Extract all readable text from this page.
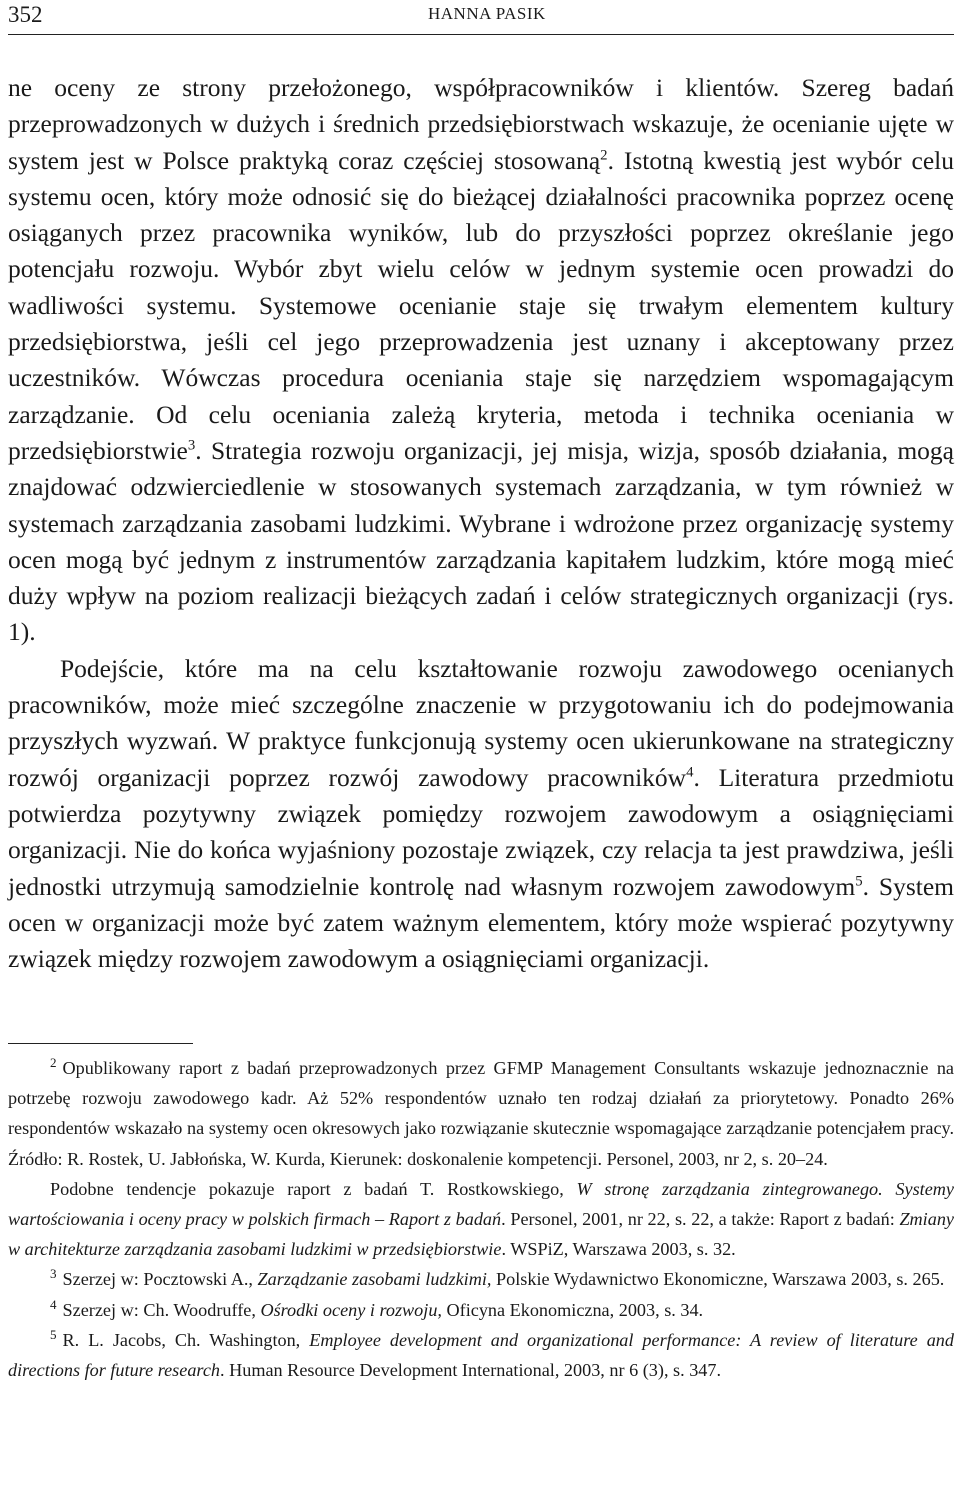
352	HANNA PASIK

ne oceny ze strony przełożonego, współpracowników i klientów. Szereg badań przeprowadzonych w dużych i średnich przedsiębiorstwach wskazuje, że ocenianie ujęte w system jest w Polsce praktyką coraz częściej stosowaną$^2$. Istotną kwestią jest wybór celu systemu ocen, który może odnosić się do bieżącej działalności pracownika poprzez ocenę osiąganych przez pracownika wyników, lub do przyszłości poprzez określanie jego potencjału rozwoju. Wybór zbyt wielu celów w jednym systemie ocen prowadzi do wadliwości systemu. Systemowe ocenianie staje się trwałym elementem kultury przedsiębiorstwa, jeśli cel jego przeprowadzenia jest uznany i akceptowany przez uczestników. Wówczas procedura oceniania staje się narzędziem wspomagającym zarządzanie. Od celu oceniania zależą kryteria, metoda i technika oceniania w przedsiębiorstwie$^3$. Strategia rozwoju organizacji, jej misja, wizja, sposób działania, mogą znajdować odzwierciedlenie w stosowanych systemach zarządzania, w tym również w systemach zarządzania zasobami ludzkimi. Wybrane i wdrożone przez organizację systemy ocen mogą być jednym z instrumentów zarządzania kapitałem ludzkim, które mogą mieć duży wpływ na poziom realizacji bieżących zadań i celów strategicznych organizacji (rys. 1).

Podejście, które ma na celu kształtowanie rozwoju zawodowego ocenianych pracowników, może mieć szczególne znaczenie w przygotowaniu ich do podejmowania przyszłych wyzwań. W praktyce funkcjonują systemy ocen ukierunkowane na strategiczny rozwój organizacji poprzez rozwój zawodowy pracowników$^4$. Literatura przedmiotu potwierdza pozytywny związek pomiędzy rozwojem zawodowym a osiągnięciami organizacji. Nie do końca wyjaśniony pozostaje związek, czy relacja ta jest prawdziwa, jeśli jednostki utrzymują samodzielnie kontrolę nad własnym rozwojem zawodowym$^5$. System ocen w organizacji może być zatem ważnym elementem, który może wspierać pozytywny związek między rozwojem zawodowym a osiągnięciami organizacji.

$^2$ Opublikowany raport z badań przeprowadzonych przez GFMP Management Consultants wskazuje jednoznacznie na potrzebę rozwoju zawodowego kadr. Aż 52% respondentów uznało ten rodzaj działań za priorytetowy. Ponadto 26% respondentów wskazało na systemy ocen okresowych jako rozwiązanie skutecznie wspomagające zarządzanie potencjałem pracy. Źródło: R. Rostek, U. Jabłońska, W. Kurda, Kierunek: doskonalenie kompetencji. Personel, 2003, nr 2, s. 20–24.

Podobne tendencje pokazuje raport z badań T. Rostkowskiego, W stronę zarządzania zintegrowanego. Systemy wartościowania i oceny pracy w polskich firmach – Raport z badań. Personel, 2001, nr 22, s. 22, a także: Raport z badań: Zmiany w architekturze zarządzania zasobami ludzkimi w przedsiębiorstwie. WSPiZ, Warszawa 2003, s. 32.

$^3$ Szerzej w: Pocztowski A., Zarządzanie zasobami ludzkimi, Polskie Wydawnictwo Ekonomiczne, Warszawa 2003, s. 265.

$^4$ Szerzej w: Ch. Woodruffe, Ośrodki oceny i rozwoju, Oficyna Ekonomiczna, 2003, s. 34.

$^5$ R. L. Jacobs, Ch. Washington, Employee development and organizational performance: A review of literature and directions for future research. Human Resource Development International, 2003, nr 6 (3), s. 347.
